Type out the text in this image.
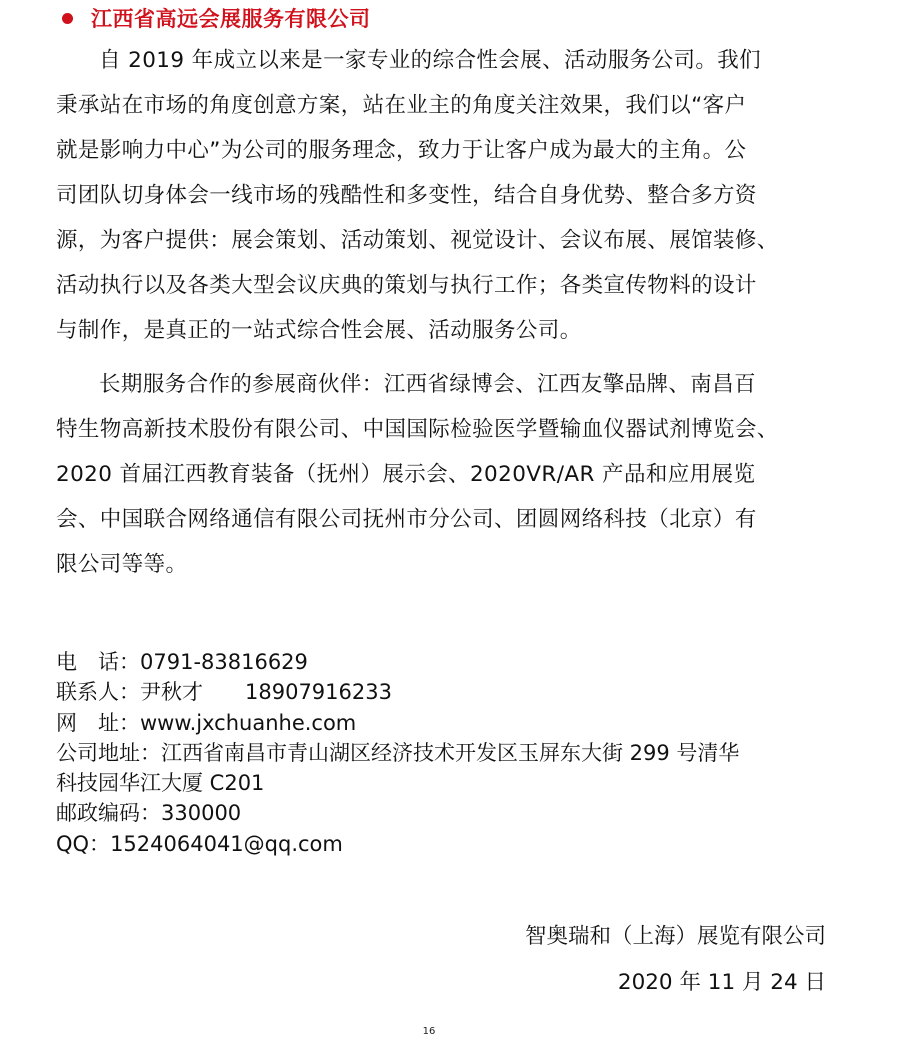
江西省高远会展服务有限公司
自 2019 年成立以来是一家专业的综合性会展、活动服务公司。我们
秉承站在市场的角度创意方案，站在业主的角度关注效果，我们以“客户
就是影响力中心”为公司的服务理念，致力于让客户成为最大的主角。公
司团队切身体会一线市场的残酷性和多变性，结合自身优势、整合多方资
源，为客户提供：展会策划、活动策划、视觉设计、会议布展、展馆装修、
活动执行以及各类大型会议庆典的策划与执行工作；各类宣传物料的设计
与制作，是真正的一站式综合性会展、活动服务公司。
长期服务合作的参展商伙伴：江西省绿博会、江西友擎品牌、南昌百
特生物高新技术股份有限公司、中国国际检验医学暨输血仪器试剂博览会、
2020 首届江西教育装备（抚州）展示会、2020VR/AR 产品和应用展览
会、中国联合网络通信有限公司抚州市分公司、团圆网络科技（北京）有
限公司等等。
电　话：0791-83816629
联系人：尹秋才 18907916233
网　址：www.jxchuanhe.com
公司地址：江西省南昌市青山湖区经济技术开发区玉屏东大街 299 号清华
科技园华江大厦 C201
邮政编码：330000
QQ：1524064041@qq.com
智奥瑞和（上海）展览有限公司
2020 年 11 月 24 日
16
